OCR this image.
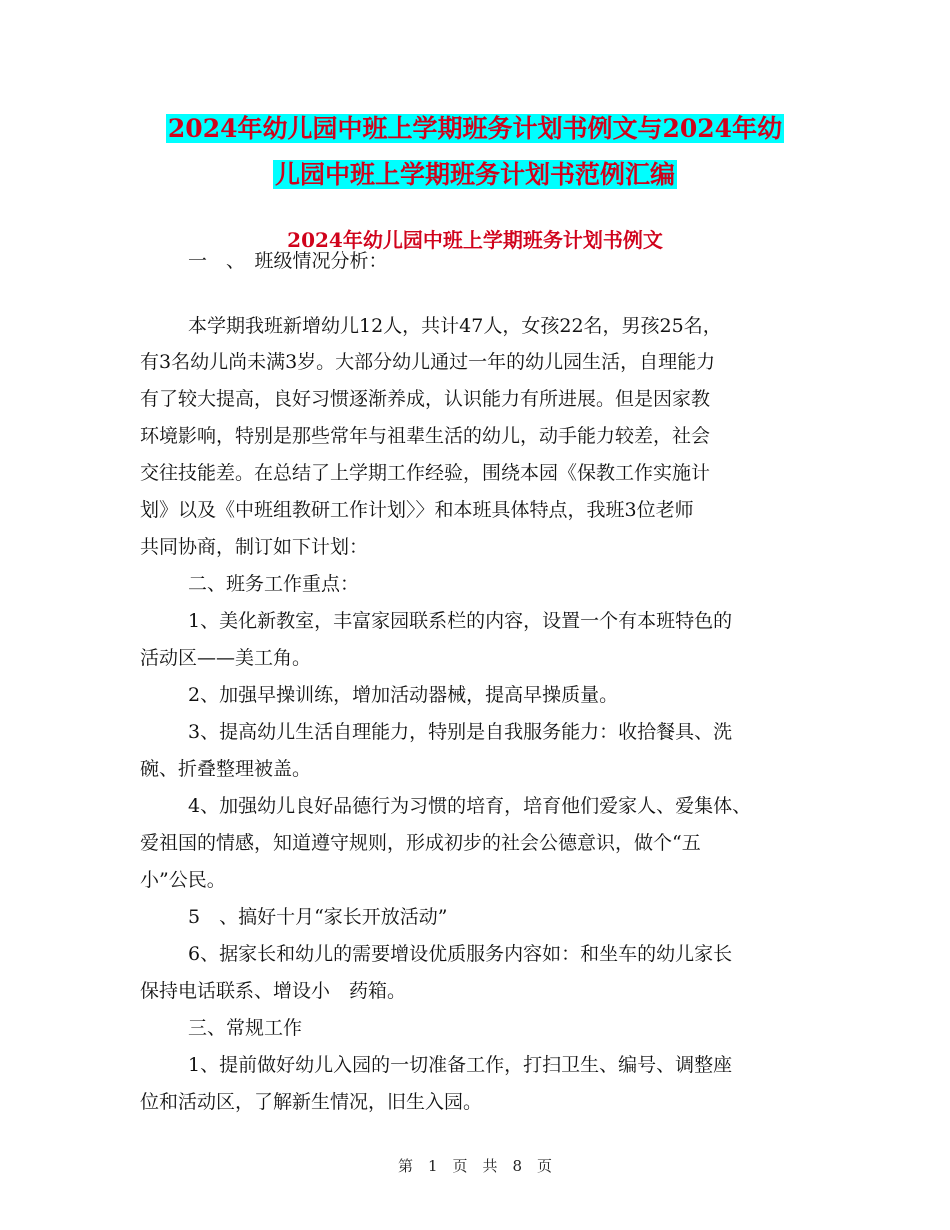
2024年幼儿园中班上学期班务计划书例文与2024年幼
儿园中班上学期班务计划书范例汇编
2024年幼儿园中班上学期班务计划书例文
一　、　班级情况分析：
本学期我班新增幼儿12人，共计47人，女孩22名，男孩25名，
有3名幼儿尚未满3岁。大部分幼儿通过一年的幼儿园生活，自理能力
有了较大提高，良好习惯逐渐养成，认识能力有所进展。但是因家教
环境影响，特别是那些常年与祖辈生活的幼儿，动手能力较差，社会
交往技能差。在总结了上学期工作经验，围绕本园《保教工作实施计
划》以及《中班组教研工作计划〉〉和本班具体特点，我班3位老师
共同协商，制订如下计划：
二、班务工作重点：
1、美化新教室，丰富家园联系栏的内容，设置一个有本班特色的
活动区——美工角。
2、加强早操训练，增加活动器械，提高早操质量。
3、提高幼儿生活自理能力，特别是自我服务能力：收拾餐具、洗
碗、折叠整理被盖。
4、加强幼儿良好品德行为习惯的培育，培育他们爱家人、爱集体、
爱祖国的情感，知道遵守规则，形成初步的社会公德意识，做个“五
小”公民。
5　、搞好十月“家长开放活动”
6、据家长和幼儿的需要增设优质服务内容如：和坐车的幼儿家长
保持电话联系、增设小　药箱。
三、常规工作
1、提前做好幼儿入园的一切准备工作，打扫卫生、编号、调整座
位和活动区，了解新生情况，旧生入园。
第　1　页　共　8　页
